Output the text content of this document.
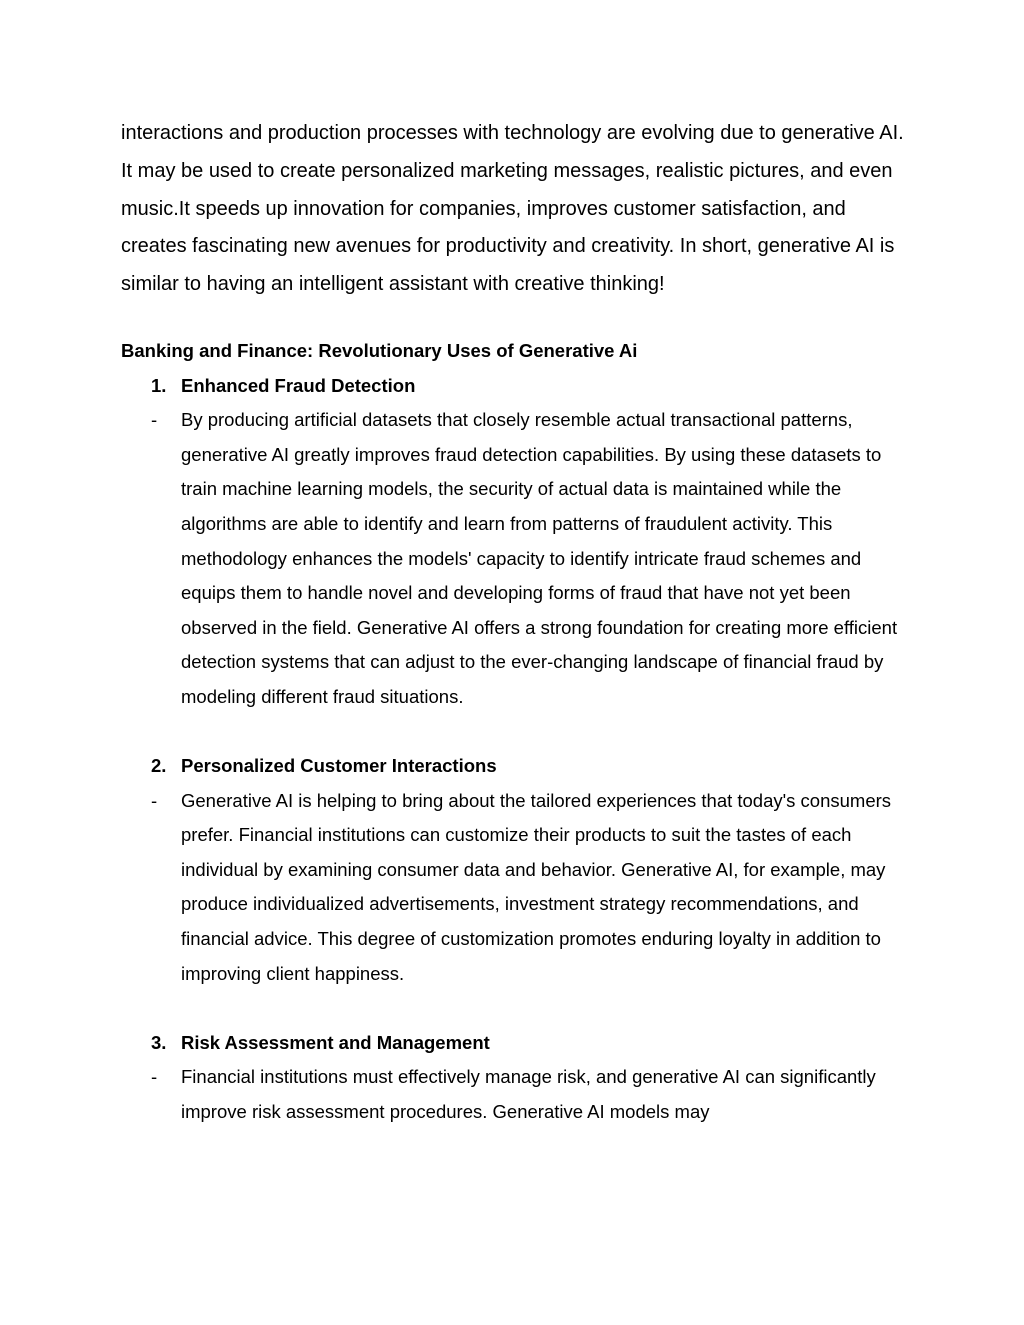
interactions and production processes with technology are evolving due to generative AI. It may be used to create personalized marketing messages, realistic pictures, and even music.It speeds up innovation for companies, improves customer satisfaction, and creates fascinating new avenues for productivity and creativity. In short, generative AI is similar to having an intelligent assistant with creative thinking!

Banking and Finance: Revolutionary Uses of Generative Ai
1. Enhanced Fraud Detection

- By producing artificial datasets that closely resemble actual transactional patterns, generative AI greatly improves fraud detection capabilities. By using these datasets to train machine learning models, the security of actual data is maintained while the algorithms are able to identify and learn from patterns of fraudulent activity. This methodology enhances the models' capacity to identify intricate fraud schemes and equips them to handle novel and developing forms of fraud that have not yet been observed in the field. Generative AI offers a strong foundation for creating more efficient detection systems that can adjust to the ever-changing landscape of financial fraud by modeling different fraud situations.

2. Personalized Customer Interactions

- Generative AI is helping to bring about the tailored experiences that today's consumers prefer. Financial institutions can customize their products to suit the tastes of each individual by examining consumer data and behavior. Generative AI, for example, may produce individualized advertisements, investment strategy recommendations, and financial advice. This degree of customization promotes enduring loyalty in addition to improving client happiness.

3. Risk Assessment and Management

- Financial institutions must effectively manage risk, and generative AI can significantly improve risk assessment procedures. Generative AI models may
